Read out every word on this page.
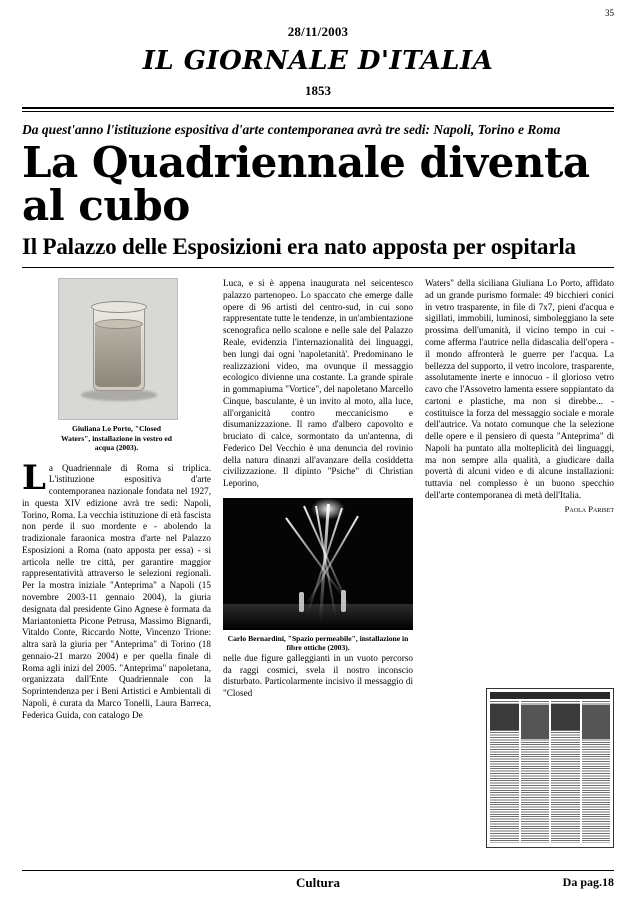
35
28/11/2003
IL GIORNALE D'ITALIA
1853
Da quest'anno l'istituzione espositiva d'arte contemporanea avrà tre sedi: Napoli, Torino e Roma
La Quadriennale diventa al cubo
Il Palazzo delle Esposizioni era nato apposta per ospitarla
Giuliana Lo Porto, "Closed Waters", installazione in vestro ed acqua (2003).
L a Quadriennale di Roma si triplica. L'istituzione espositiva d'arte contemporanea nazionale fondata nel 1927, in questa XIV edizione avrà tre sedi: Napoli, Torino, Roma. La vecchia istituzione di età fascista non perde il suo mordente e - abolendo la tradizionale faraonica mostra d'arte nel Palazzo Esposizioni a Roma (nato apposta per essa) - si articola nelle tre città, per garantire maggior rappresentatività attraverso le selezioni regionali. Per la mostra iniziale "Anteprima" a Napoli (15 novembre 2003-11 gennaio 2004), la giuria designata dal presidente Gino Agnese è formata da Mariantonietta Picone Petrusa, Massimo Bignardi, Vitaldo Conte, Riccardo Notte, Vincenzo Trione: altra sarà la giuria per "Anteprima" di Torino (18 gennaio-21 marzo 2004) e per quella finale di Roma agli inizi del 2005. "Anteprima" napoletana, organizzata dall'Ente Quadriennale con la Soprintendenza per i Beni Artistici e Ambientali di Napoli, è curata da Marco Tonelli, Laura Barreca, Federica Guida, con catalogo De

Luca, e si è appena inaugurata nel seicentesco palazzo partenopeo. Lo spaccato che emerge dalle opere di 96 artisti del centro-sud, in cui sono rappresentate tutte le tendenze, in un'ambientazione scenografica nello scalone e nelle sale del Palazzo Reale, evidenzia l'internazionalità dei linguaggi, ben lungi dai ogni 'napoletanità'. Predominano le realizzazioni video, ma ovunque il messaggio ecologico divienne una costante. La grande spirale in gommapiuma "Vortice", del napoletano Marcello Cinque, basculante, è un invito al moto, alla luce, all'organicità contro meccanicismo e disumanizzazione. Il ramo d'albero capovolto e bruciato di calce, sormontato da un'antenna, di Federico Del Vecchio è una denuncia del rovinio della natura dinanzi all'avanzare della cosiddetta civilizzazione. Il dipinto "Psiche" di Christian Leporino,

Carlo Bernardini, "Spazio permeabile", installazione in fibre ottiche (2003).

nelle due figure galleggianti in un vuoto percorso da raggi cosmici, svela il nostro inconscio disturbato. Particolarmente incisivo il messaggio di "Closed

Waters" della siciliana Giuliana Lo Porto, affidato ad un grande purismo formale: 49 bicchieri conici in vetro trasparente, in file di 7x7, pieni d'acqua e sigillati, immobili, luminosi, simboleggiano la sete prossima dell'umanità, il vicino tempo in cui - come afferma l'autrice nella didascalia dell'opera - il mondo affronterà le guerre per l'acqua. La bellezza del supporto, il vetro incolore, trasparente, assolutamente inerte e innocuo - il glorioso vetro cavo che l'Assovetro lamenta essere soppiantato da cartoni e plastiche, ma non si direbbe... - costituisce la forza del messaggio sociale e morale dell'autrice. Va notato comunque che la selezione delle opere e il pensiero di questa "Anteprima" di Napoli ha puntato alla molteplicità dei linguaggi, ma non sempre alla qualità, a giudicare dalla povertà di alcuni video e di alcune installazioni: tuttavia nel complesso è un buono specchio dell'arte contemporanea di metà dell'Italia.

Paola Pariset
Cultura	Da pag.18
